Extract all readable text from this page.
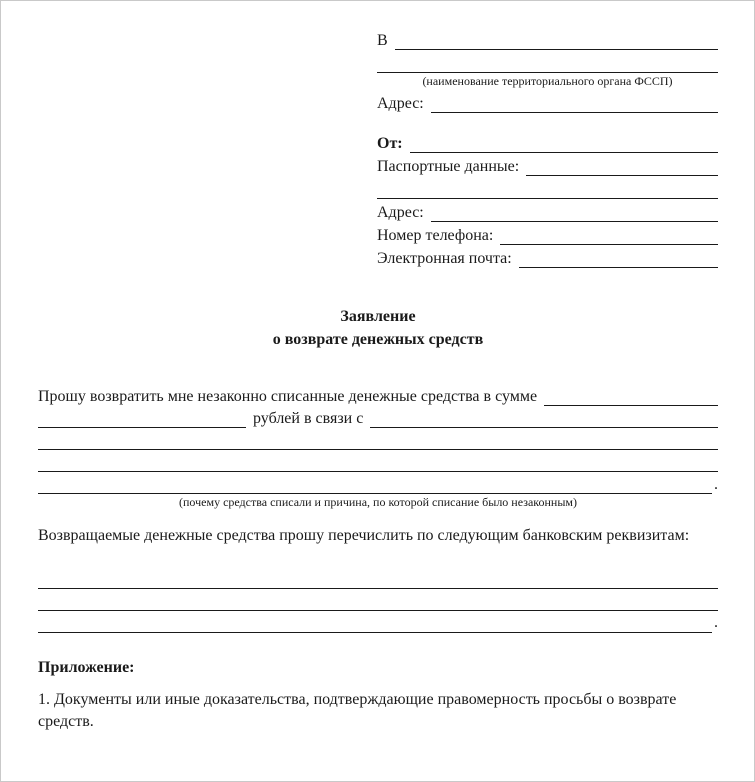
В
(наименование территориального органа ФССП)
Адрес:
От:
Паспортные данные:
Адрес:
Номер телефона:
Электронная почта:
Заявление
о возврате денежных средств
Прошу возвратить мне незаконно списанные денежные средства в сумме
рублей в связи с
.
(почему средства списали и причина, по которой списание было незаконным)
Возвращаемые денежные средства прошу перечислить по следующим банковским реквизитам:
.
Приложение:
1. Документы или иные доказательства, подтверждающие правомерность просьбы о возврате средств.
